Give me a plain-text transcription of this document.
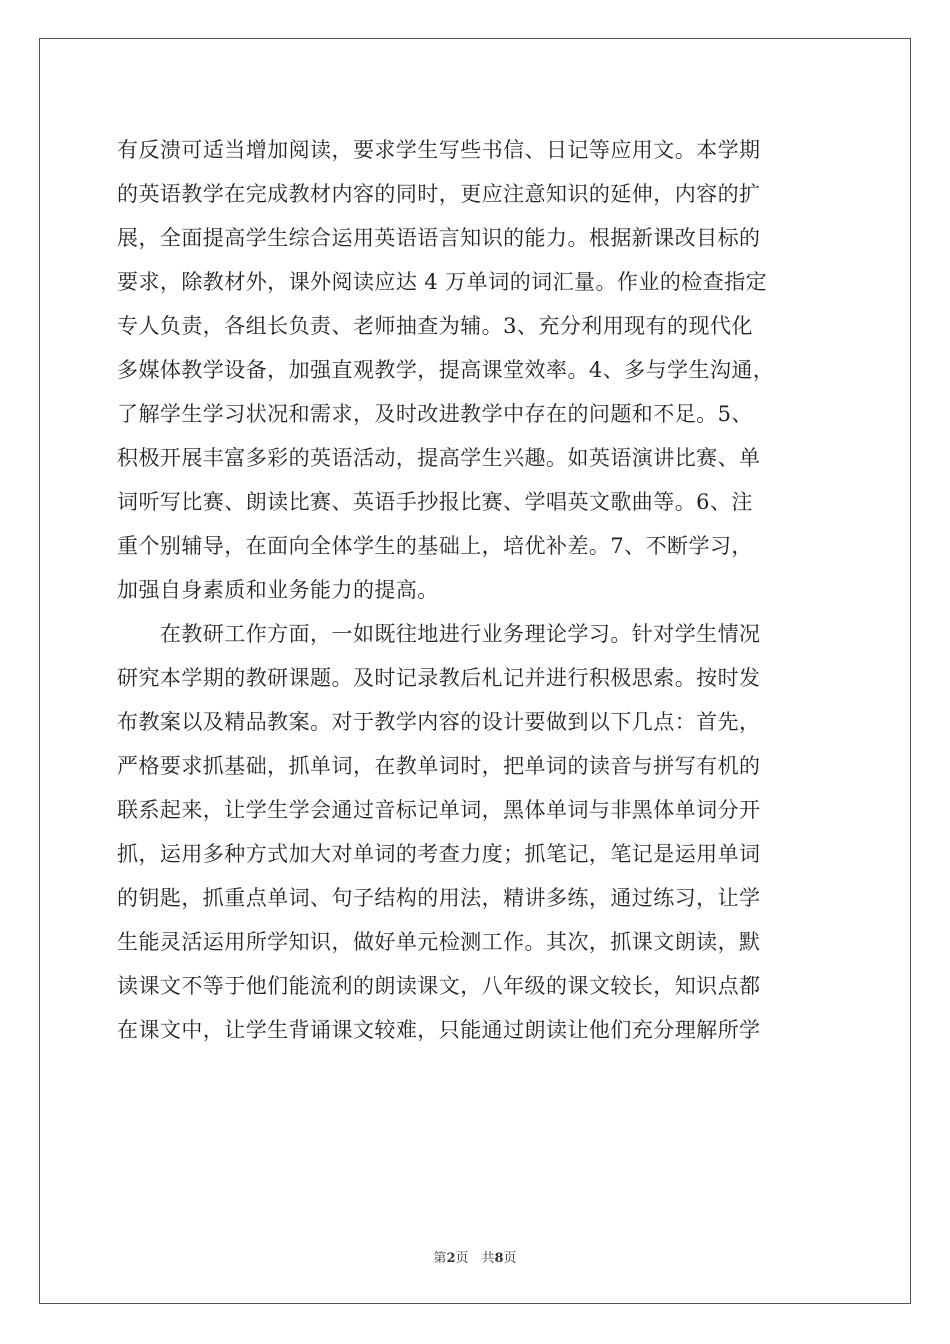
有反溃可适当增加阅读，要求学生写些书信、日记等应用文。本学期
的英语教学在完成教材内容的同时，更应注意知识的延伸，内容的扩
展，全面提高学生综合运用英语语言知识的能力。根据新课改目标的
要求，除教材外，课外阅读应达 4 万单词的词汇量。作业的检查指定
专人负责，各组长负责、老师抽查为辅。3、充分利用现有的现代化
多媒体教学设备，加强直观教学，提高课堂效率。4、多与学生沟通，
了解学生学习状况和需求，及时改进教学中存在的问题和不足。5、
积极开展丰富多彩的英语活动，提高学生兴趣。如英语演讲比赛、单
词听写比赛、朗读比赛、英语手抄报比赛、学唱英文歌曲等。6、注
重个别辅导，在面向全体学生的基础上，培优补差。7、不断学习，
加强自身素质和业务能力的提高。
　　在教研工作方面，一如既往地进行业务理论学习。针对学生情况
研究本学期的教研课题。及时记录教后札记并进行积极思索。按时发
布教案以及精品教案。对于教学内容的设计要做到以下几点：首先，
严格要求抓基础，抓单词，在教单词时，把单词的读音与拼写有机的
联系起来，让学生学会通过音标记单词，黑体单词与非黑体单词分开
抓，运用多种方式加大对单词的考查力度；抓笔记，笔记是运用单词
的钥匙，抓重点单词、句子结构的用法，精讲多练，通过练习，让学
生能灵活运用所学知识，做好单元检测工作。其次，抓课文朗读，默
读课文不等于他们能流利的朗读课文，八年级的课文较长，知识点都
在课文中，让学生背诵课文较难，只能通过朗读让他们充分理解所学
第2页　共8页
